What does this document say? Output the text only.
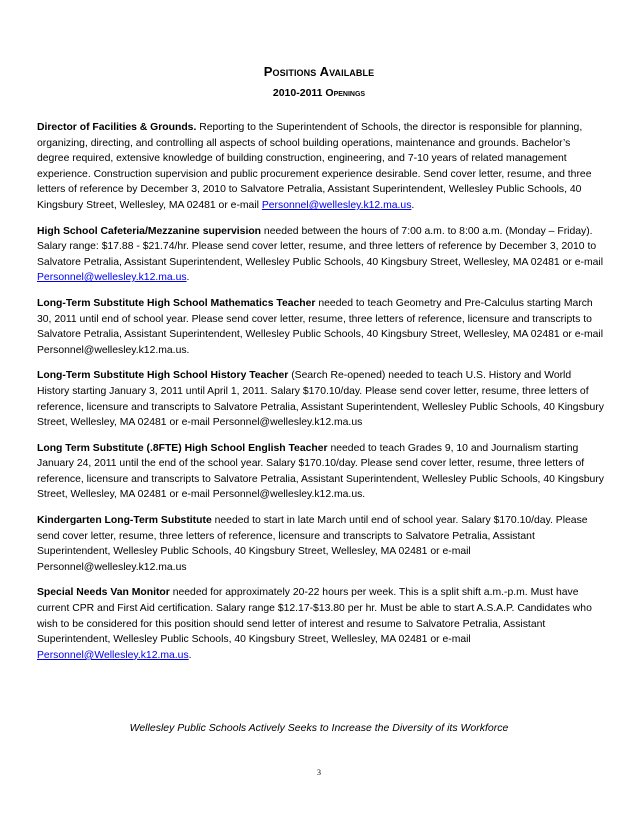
Positions Available
2010-2011 Openings

Director of Facilities & Grounds. Reporting to the Superintendent of Schools, the director is responsible for planning, organizing, directing, and controlling all aspects of school building operations, maintenance and grounds. Bachelor’s degree required, extensive knowledge of building construction, engineering, and 7-10 years of related management experience. Construction supervision and public procurement experience desirable. Send cover letter, resume, and three letters of reference by December 3, 2010 to Salvatore Petralia, Assistant Superintendent, Wellesley Public Schools, 40 Kingsbury Street, Wellesley, MA 02481 or e-mail Personnel@wellesley.k12.ma.us.

High School Cafeteria/Mezzanine supervision needed between the hours of 7:00 a.m. to 8:00 a.m. (Monday – Friday). Salary range: $17.88 - $21.74/hr. Please send cover letter, resume, and three letters of reference by December 3, 2010 to Salvatore Petralia, Assistant Superintendent, Wellesley Public Schools, 40 Kingsbury Street, Wellesley, MA 02481 or e-mail Personnel@wellesley.k12.ma.us.

Long-Term Substitute High School Mathematics Teacher needed to teach Geometry and Pre-Calculus starting March 30, 2011 until end of school year. Please send cover letter, resume, three letters of reference, licensure and transcripts to Salvatore Petralia, Assistant Superintendent, Wellesley Public Schools, 40 Kingsbury Street, Wellesley, MA 02481 or e-mail Personnel@wellesley.k12.ma.us.

Long-Term Substitute High School History Teacher (Search Re-opened) needed to teach U.S. History and World History starting January 3, 2011 until April 1, 2011. Salary $170.10/day. Please send cover letter, resume, three letters of reference, licensure and transcripts to Salvatore Petralia, Assistant Superintendent, Wellesley Public Schools, 40 Kingsbury Street, Wellesley, MA 02481 or e-mail Personnel@wellesley.k12.ma.us

Long Term Substitute (.8FTE) High School English Teacher needed to teach Grades 9, 10 and Journalism starting January 24, 2011 until the end of the school year. Salary $170.10/day. Please send cover letter, resume, three letters of reference, licensure and transcripts to Salvatore Petralia, Assistant Superintendent, Wellesley Public Schools, 40 Kingsbury Street, Wellesley, MA 02481 or e-mail Personnel@wellesley.k12.ma.us.

Kindergarten Long-Term Substitute needed to start in late March until end of school year. Salary $170.10/day. Please send cover letter, resume, three letters of reference, licensure and transcripts to Salvatore Petralia, Assistant Superintendent, Wellesley Public Schools, 40 Kingsbury Street, Wellesley, MA 02481 or e-mail Personnel@wellesley.k12.ma.us

Special Needs Van Monitor needed for approximately 20-22 hours per week. This is a split shift a.m.-p.m. Must have current CPR and First Aid certification. Salary range $12.17-$13.80 per hr. Must be able to start A.S.A.P. Candidates who wish to be considered for this position should send letter of interest and resume to Salvatore Petralia, Assistant Superintendent, Wellesley Public Schools, 40 Kingsbury Street, Wellesley, MA 02481 or e-mail Personnel@Wellesley.k12.ma.us.

Wellesley Public Schools Actively Seeks to Increase the Diversity of its Workforce
3
